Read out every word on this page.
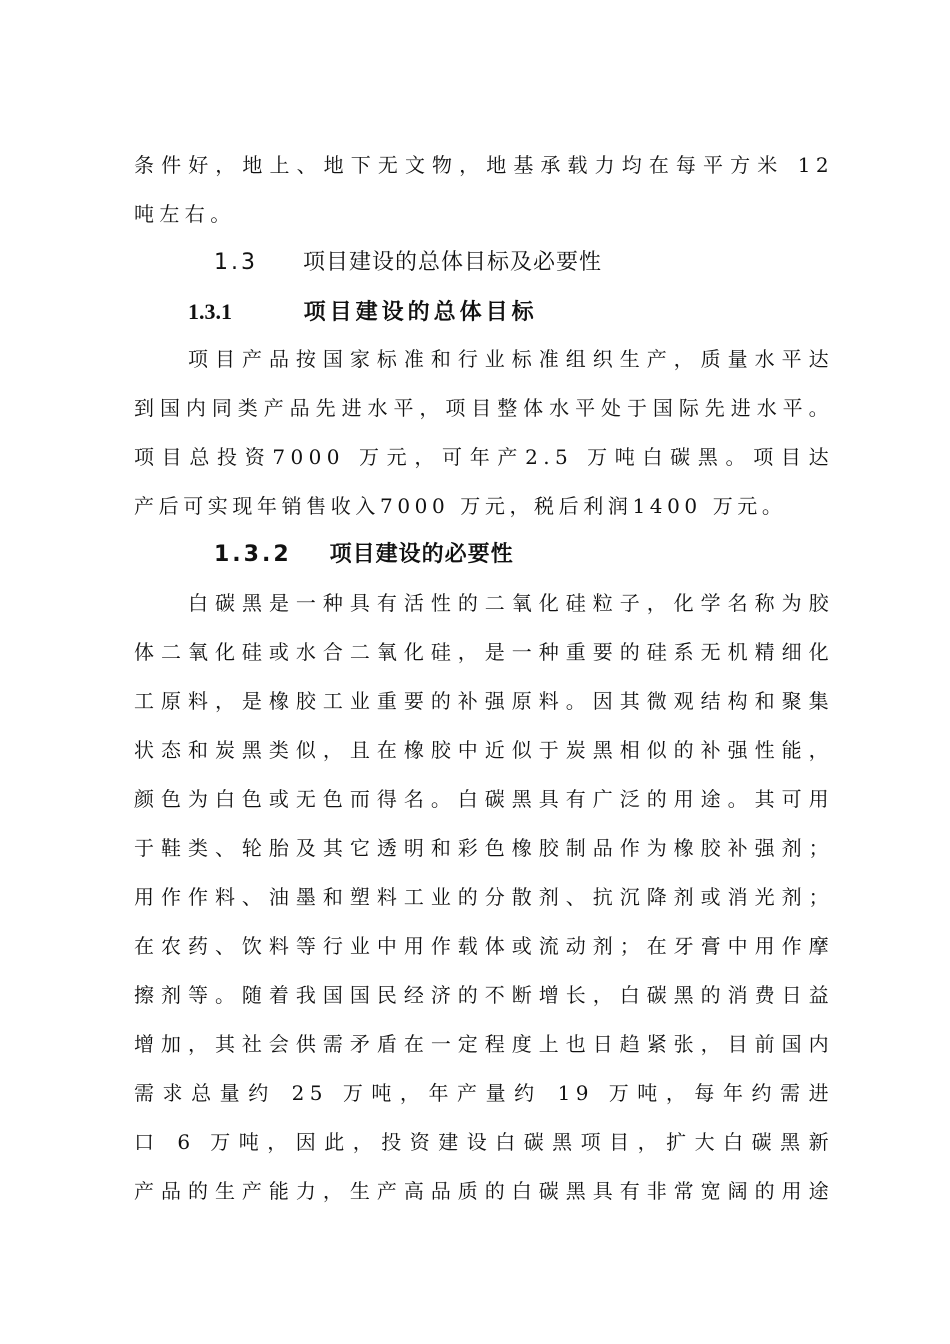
条件好，地上、地下无文物，地基承载力均在每平方米 12
吨左右。
1.3 项目建设的总体目标及必要性
1.3.1	项目建设的总体目标
项目产品按国家标准和行业标准组织生产，质量水平达
到国内同类产品先进水平，项目整体水平处于国际先进水平。
项目总投资7000 万元，可年产2.5 万吨白碳黑。项目达
产后可实现年销售收入7000 万元，税后利润1400 万元。
1.3.2 项目建设的必要性
白碳黑是一种具有活性的二氧化硅粒子，化学名称为胶
体二氧化硅或水合二氧化硅，是一种重要的硅系无机精细化
工原料，是橡胶工业重要的补强原料。因其微观结构和聚集
状态和炭黑类似，且在橡胶中近似于炭黑相似的补强性能，
颜色为白色或无色而得名。白碳黑具有广泛的用途。其可用
于鞋类、轮胎及其它透明和彩色橡胶制品作为橡胶补强剂；
用作作料、油墨和塑料工业的分散剂、抗沉降剂或消光剂；
在农药、饮料等行业中用作载体或流动剂；在牙膏中用作摩
擦剂等。随着我国国民经济的不断增长，白碳黑的消费日益
增加，其社会供需矛盾在一定程度上也日趋紧张，目前国内
需求总量约 25 万吨，年产量约 19 万吨，每年约需进
口 6 万吨，因此，投资建设白碳黑项目，扩大白碳黑新
产品的生产能力，生产高品质的白碳黑具有非常宽阔的用途
